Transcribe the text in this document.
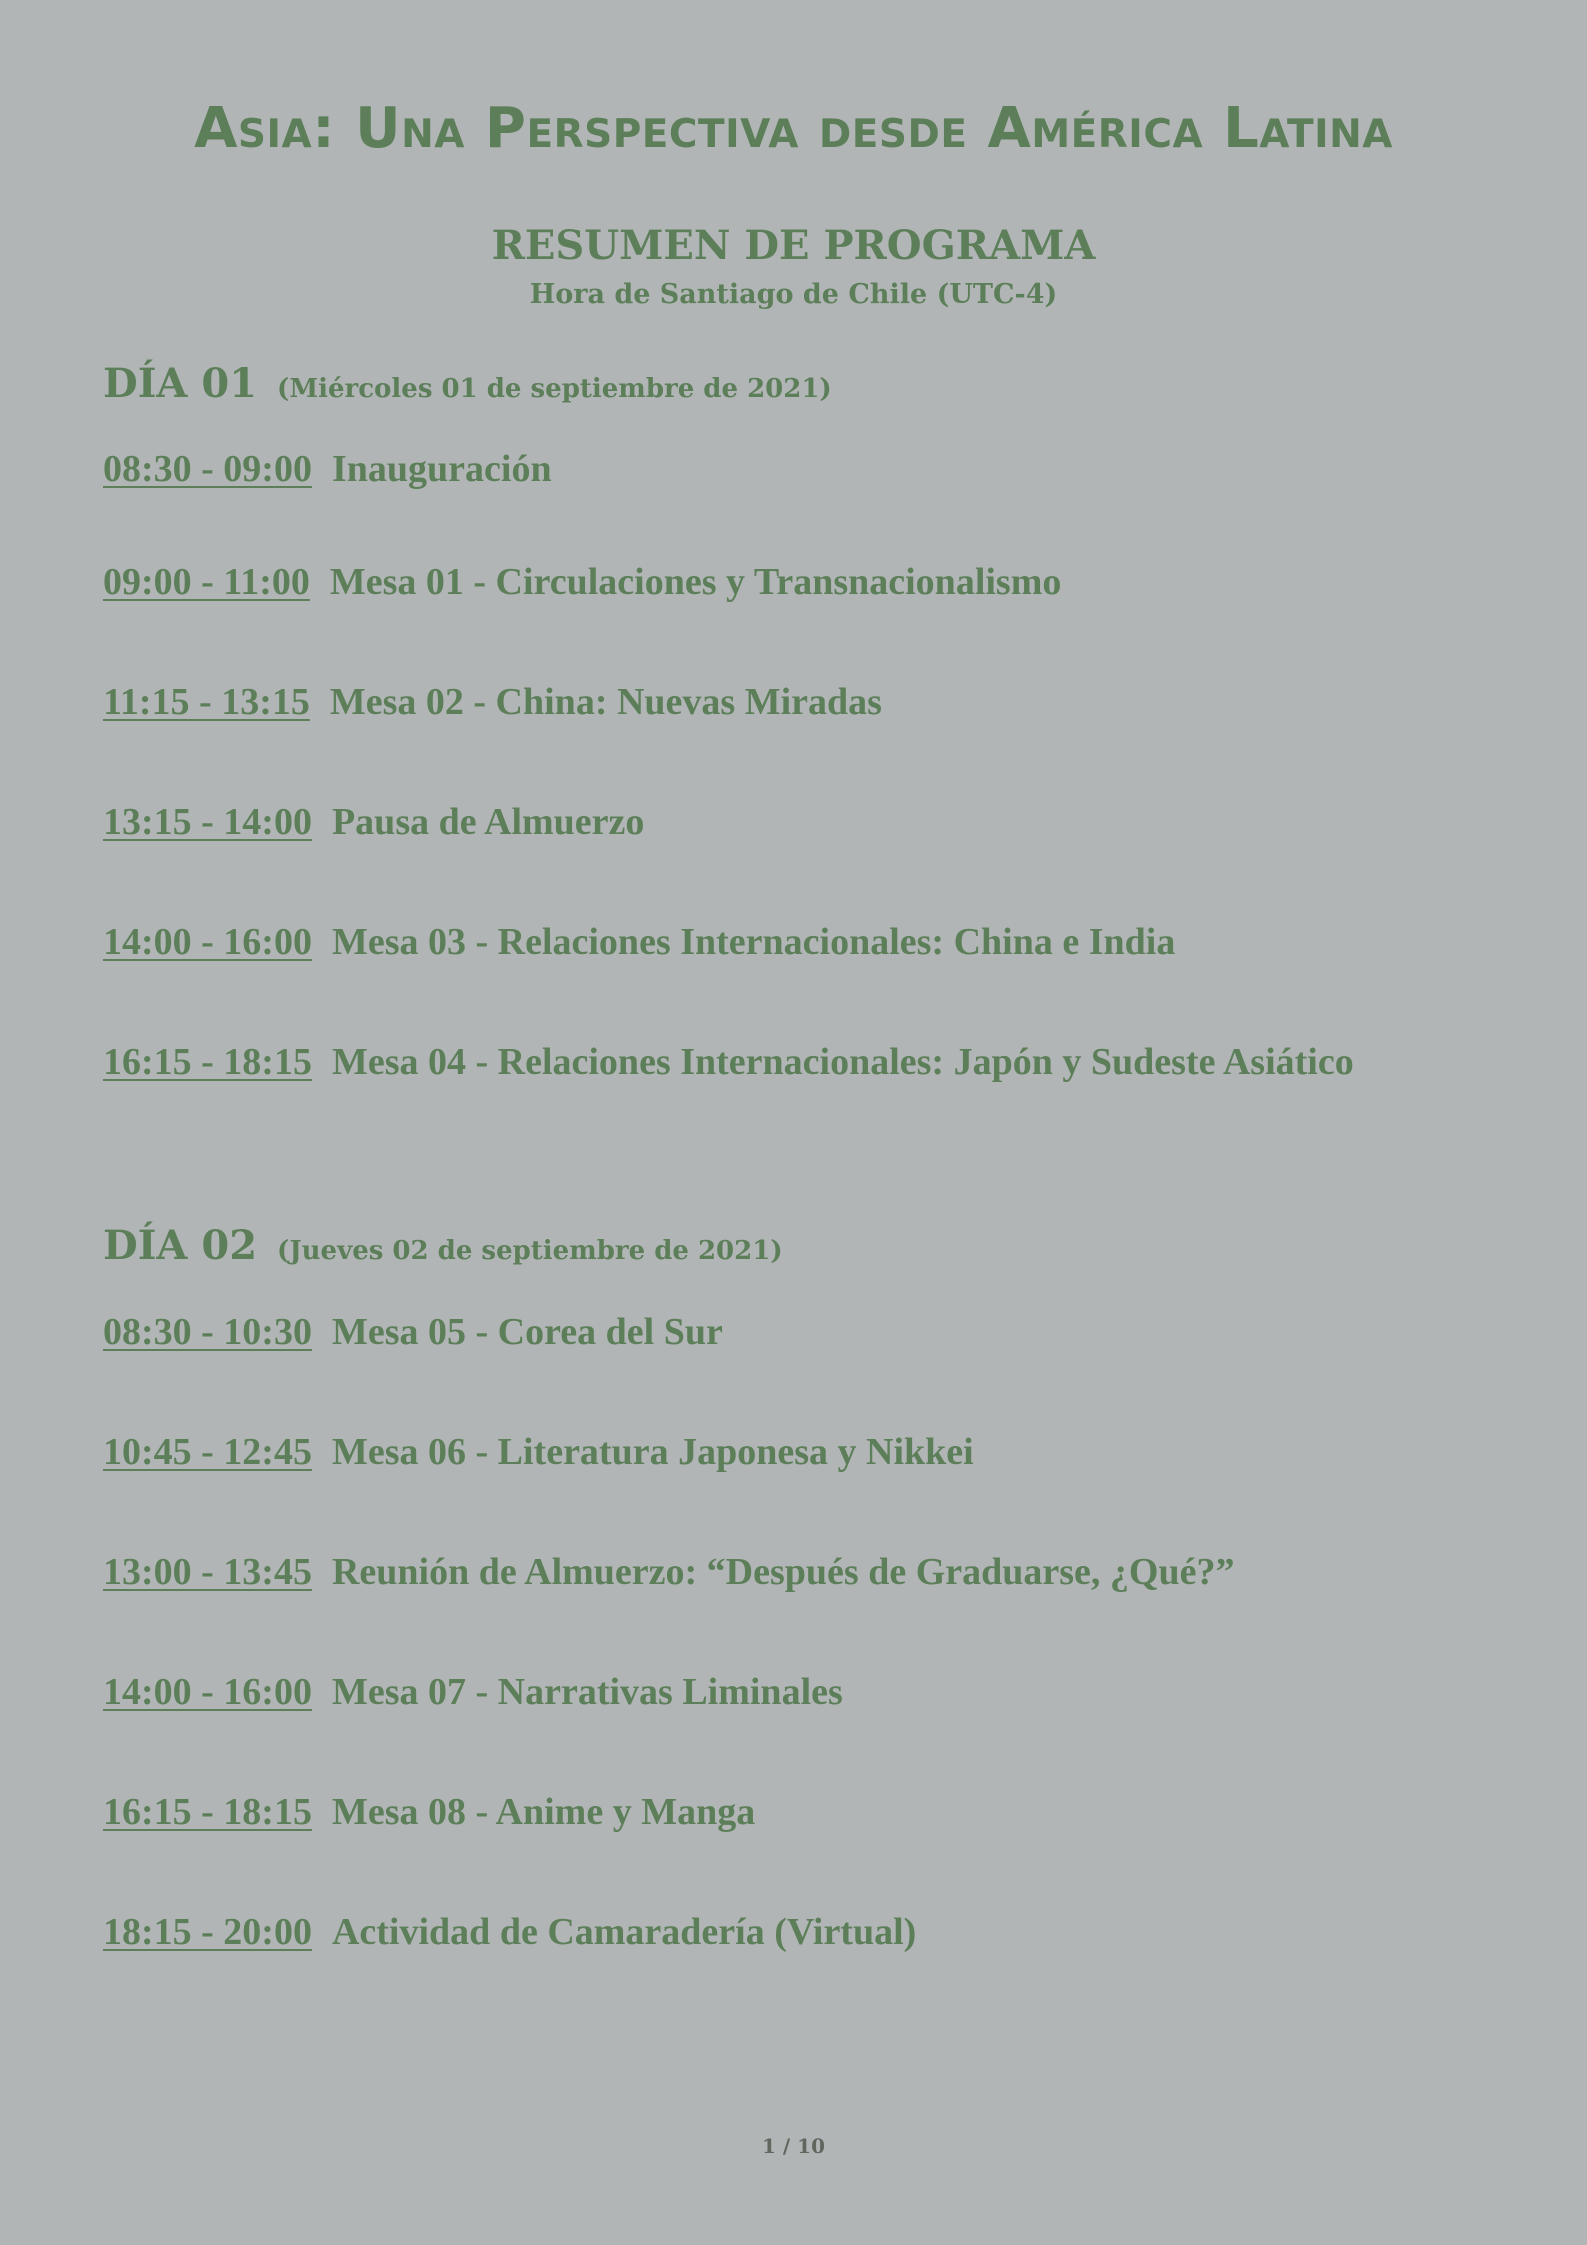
Asia: Una Perspectiva desde América Latina
RESUMEN DE PROGRAMA

Hora de Santiago de Chile (UTC-4)

DÍA 01 (Miércoles 01 de septiembre de 2021)
08:30 - 09:00 Inauguración
09:00 - 11:00 Mesa 01 - Circulaciones y Transnacionalismo
11:15 - 13:15 Mesa 02 - China: Nuevas Miradas
13:15 - 14:00 Pausa de Almuerzo
14:00 - 16:00 Mesa 03 - Relaciones Internacionales: China e India
16:15 - 18:15 Mesa 04 - Relaciones Internacionales: Japón y Sudeste Asiático
DÍA 02 (Jueves 02 de septiembre de 2021)
08:30 - 10:30 Mesa 05 - Corea del Sur
10:45 - 12:45 Mesa 06 - Literatura Japonesa y Nikkei
13:00 - 13:45 Reunión de Almuerzo: “Después de Graduarse, ¿Qué?”
14:00 - 16:00 Mesa 07 - Narrativas Liminales
16:15 - 18:15 Mesa 08 - Anime y Manga
18:15 - 20:00 Actividad de Camaradería (Virtual)
1 / 10
